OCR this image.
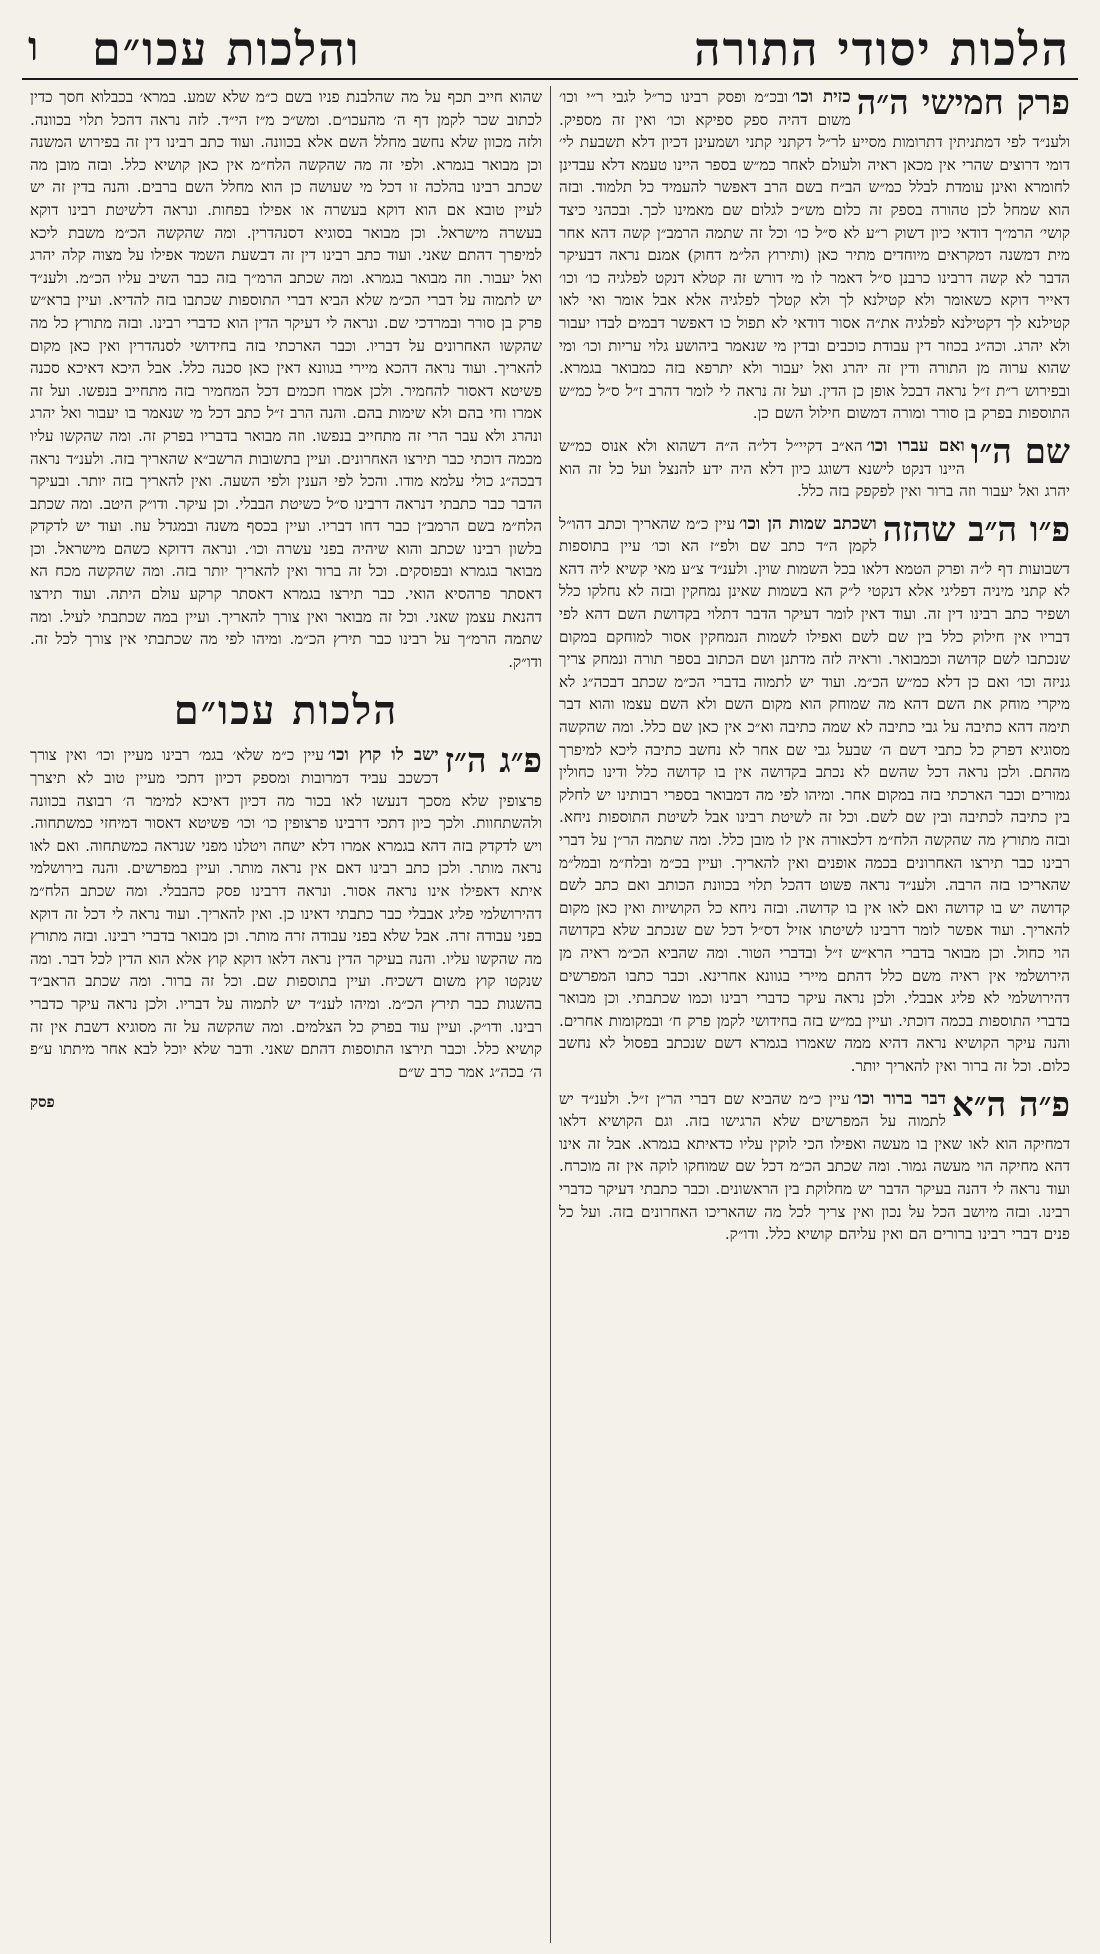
הלכות יסודי התורה
והלכות עכו״ם
ו
פרק חמישי ה״ה
כזית וכו׳ובכ״מ ופסק רבינו כר״ל לגבי ר״י וכו׳ משום דהיה ספק ספיקא וכו׳ ואין זה מספיק. ולענ״ד לפי דמתניתין דתרומות מסייע לר״ל דקתני קתני ושמעינן דכיון דלא תשבעת לי׳ דומי דרוצים שהרי אין מכאן ראיה ולעולם לאחר כמ״ש בספר היינו טעמא דלא עבדינן לחומרא ואינן עומדת לבלל כמ״ש הב״ח בשם הרב דאפשר להעמיד כל תלמוד. ובזה הוא שמחל לכן טהורה בספק זה כלום מש״כ לגלום שם מאמינו לכך. ובכהני כיצד קושי׳ הרמ״ך דודאי כיון דשוק ר״ע לא ס״ל כו׳ וכל זה שתמה הרמב״ן קשה דהא אחר מית דמשנה דמקראים מיוחדים מתיר כאן (ותירוץ הל״מ דחוק) אמנם נראה דבעיקר הדבר לא קשה דרבינו כרבנן ס״ל דאמר לו מי דורש זה קטלא דנקט לפלגיה כו׳ וכו׳ דאייר דוקא כשאומר ולא קטילנא לך ולא קטלך לפלגיה אלא אבל אומר ואי לאו קטילנא לך דקטילנא לפלגיה את״ה אסור דודאי לא תפול כו דאפשר דבמים לבדו יעבור ולא יהרג. וכה״ג בכוזר דין עבודת כוכבים ובדין מי שנאמר ביהושע גלוי עריות וכו׳ ומי שהוא ערוה מן התורה ודין זה יהרג ואל יעבור ולא יתרפא בזה כמבואר בגמרא. ובפירוש ר״ת ז״ל נראה דבכל אופן כן הדין. ועל זה נראה לי לומר דהרב ז״ל ס״ל כמ״ש התוספות בפרק בן סורר ומורה דמשום חילול השם כן.
שם ה״ו
ואם עברו וכו׳הא״ב דקיי״ל דל״ה ה״ה דשהוא ולא אנוס כמ״ש היינו דנקט לישנא דשוגג כיון דלא היה ידע להנצל ועל כל זה הוא יהרג ואל יעבור וזה ברור ואין לפקפק בזה כלל.
פ״ו ה״ב שהזה
ושכתב שמות הן וכו׳עיין כ״מ שהאריך וכתב דהו״ל לקמן ה״ד כתב שם ולפ״ז הא וכו׳ עיין בתוספות דשבועות דף ל״ה ופרק הטמא דלאו בכל השמות שוין. ולענ״ד צ״ע מאי קשיא ליה דהא לא קתני מיניה דפליגי אלא דנקטי ל״ק הא בשמות שאינן נמחקין ובזה לא נחלקו כלל ושפיר כתב רבינו דין זה. ועוד דאין לומר דעיקר הדבר דתלוי בקדושת השם דהא לפי דבריו אין חילוק כלל בין שם לשם ואפילו לשמות הנמחקין אסור למוחקם במקום שנכתבו לשם קדושה וכמבואר. וראיה לזה מדתנן ושם הכתוב בספר תורה ונמחק צריך גניזה וכו׳ ואם כן דלא כמ״ש הכ״מ. ועוד יש לתמוה בדברי הכ״מ שכתב דבכה״ג לא מיקרי מוחק את השם דהא מה שמוחק הוא מקום השם ולא השם עצמו והוא דבר תימה דהא כתיבה על גבי כתיבה לא שמה כתיבה וא״כ אין כאן שם כלל. ומה שהקשה מסוגיא דפרק כל כתבי דשם ה׳ שבעל גבי שם אחר לא נחשב כתיבה ליכא למיפרך מהתם. ולכן נראה דכל שהשם לא נכתב בקדושה אין בו קדושה כלל ודינו כחולין גמורים וכבר הארכתי בזה במקום אחר. ומיהו לפי מה דמבואר בספרי רבותינו יש לחלק בין כתיבה לכתיבה ובין שם לשם. וכל זה לשיטת רבינו אבל לשיטת התוספות ניחא. ובזה מתורץ מה שהקשה הלח״מ דלכאורה אין לו מובן כלל. ומה שתמה הר״ן על דברי רבינו כבר תירצו האחרונים בכמה אופנים ואין להאריך. ועיין בכ״מ ובלח״מ ובמל״מ שהאריכו בזה הרבה. ולענ״ד נראה פשוט דהכל תלוי בכוונת הכותב ואם כתב לשם קדושה יש בו קדושה ואם לאו אין בו קדושה. ובזה ניחא כל הקושיות ואין כאן מקום להאריך. ועוד אפשר לומר דרבינו לשיטתו אזיל דס״ל דכל שם שנכתב שלא בקדושה הוי כחול. וכן מבואר בדברי הרא״ש ז״ל ובדברי הטור. ומה שהביא הכ״מ ראיה מן הירושלמי אין ראיה משם כלל דהתם מיירי בגוונא אחרינא. וכבר כתבו המפרשים דהירושלמי לא פליג אבבלי. ולכן נראה עיקר כדברי רבינו וכמו שכתבתי. וכן מבואר בדברי התוספות בכמה דוכתי. ועיין במ״ש בזה בחידושי לקמן פרק ח׳ ובמקומות אחרים. והנה עיקר הקושיא נראה דהיא ממה שאמרו בגמרא דשם שנכתב בפסול לא נחשב כלום. וכל זה ברור ואין להאריך יותר.
פ״ה ה״א
דבר ברור וכו׳עיין כ״מ שהביא שם דברי הר״ן ז״ל. ולענ״ד יש לתמוה על המפרשים שלא הרגישו בזה. וגם הקושיא דלאו דמחיקה הוא לאו שאין בו מעשה ואפילו הכי לוקין עליו כדאיתא בגמרא. אבל זה אינו דהא מחיקה הוי מעשה גמור. ומה שכתב הכ״מ דכל שם שמוחקו לוקה אין זה מוכרח. ועוד נראה לי דהנה בעיקר הדבר יש מחלוקת בין הראשונים. וכבר כתבתי דעיקר כדברי רבינו. ובזה מיושב הכל על נכון ואין צריך לכל מה שהאריכו האחרונים בזה. ועל כל פנים דברי רבינו ברורים הם ואין עליהם קושיא כלל. ודו״ק.
שהוא חייב תכף על מה שהלבנת פניו בשם כ״מ שלא שמע. במרא׳ בכבלוא חסך כדין לכתוב שכר לקמן דף ה׳ מהעכו״ם. ומש״כ מ״ז הי״ד. לזה נראה דהכל תלוי בכוונה. ולזה מכוון שלא נחשב מחלל השם אלא בכוונה. ועוד כתב רבינו דין זה בפירוש המשנה וכן מבואר בגמרא. ולפי זה מה שהקשה הלח״מ אין כאן קושיא כלל. ובזה מובן מה שכתב רבינו בהלכה זו דכל מי שעושה כן הוא מחלל השם ברבים. והנה בדין זה יש לעיין טובא אם הוא דוקא בעשרה או אפילו בפחות. ונראה דלשיטת רבינו דוקא בעשרה מישראל. וכן מבואר בסוגיא דסנהדרין. ומה שהקשה הכ״מ משבת ליכא למיפרך דהתם שאני. ועוד כתב רבינו דין זה דבשעת השמד אפילו על מצוה קלה יהרג ואל יעבור. וזה מבואר בגמרא. ומה שכתב הרמ״ך בזה כבר השיב עליו הכ״מ. ולענ״ד יש לתמוה על דברי הכ״מ שלא הביא דברי התוספות שכתבו בזה להדיא. ועיין ברא״ש פרק בן סורר ובמרדכי שם. ונראה לי דעיקר הדין הוא כדברי רבינו. ובזה מתורץ כל מה שהקשו האחרונים על דבריו. וכבר הארכתי בזה בחידושי לסנהדרין ואין כאן מקום להאריך. ועוד נראה דהכא מיירי בגוונא דאין כאן סכנה כלל. אבל היכא דאיכא סכנה פשיטא דאסור להחמיר. ולכן אמרו חכמים דכל המחמיר בזה מתחייב בנפשו. ועל זה אמרו וחי בהם ולא שימות בהם. והנה הרב ז״ל כתב דכל מי שנאמר בו יעבור ואל יהרג ונהרג ולא עבר הרי זה מתחייב בנפשו. וזה מבואר בדבריו בפרק זה. ומה שהקשו עליו מכמה דוכתי כבר תירצו האחרונים. ועיין בתשובות הרשב״א שהאריך בזה. ולענ״ד נראה דבכה״ג כולי עלמא מודו. והכל לפי הענין ולפי השעה. ואין להאריך בזה יותר. ובעיקר הדבר כבר כתבתי דנראה דרבינו ס״ל כשיטת הבבלי. וכן עיקר. ודו״ק היטב. ומה שכתב הלח״מ בשם הרמב״ן כבר דחו דבריו. ועיין בכסף משנה ובמגדל עוז. ועוד יש לדקדק בלשון רבינו שכתב והוא שיהיה בפני עשרה וכו׳. ונראה דדוקא כשהם מישראל. וכן מבואר בגמרא ובפוסקים. וכל זה ברור ואין להאריך יותר בזה. ומה שהקשה מכח הא דאסתר פרהסיא הואי. כבר תירצו בגמרא דאסתר קרקע עולם היתה. ועוד תירצו דהנאת עצמן שאני. וכל זה מבואר ואין צורך להאריך. ועיין במה שכתבתי לעיל. ומה שתמה הרמ״ך על רבינו כבר תירץ הכ״מ. ומיהו לפי מה שכתבתי אין צורך לכל זה. ודו״ק.
הלכות עכו״ם
פ״ג ה״ז
ישב לו קוץ וכו׳עיין כ״מ שלא׳ בגמ׳ רבינו מעיין וכו׳ ואין צורך דכשכב עביד דמרובות ומספק דכיון דתכי מעיין טוב לא תיצרך פרצופין שלא מסכך דנעשו לאו בכור מה דכיון דאיכא למימר ה׳ רבוצה בכוונה ולהשתחוות. ולכך כיון דתכי דרבינו פרצופין כו׳ וכו׳ פשיטא דאסור דמיחזי כמשתחוה. ויש לדקדק בזה דהא בגמרא אמרו דלא ישחה ויטלנו מפני שנראה כמשתחוה. ואם לאו נראה מותר. ולכן כתב רבינו דאם אין נראה מותר. ועיין במפרשים. והנה בירושלמי איתא דאפילו אינו נראה אסור. ונראה דרבינו פסק כהבבלי. ומה שכתב הלח״מ דהירושלמי פליג אבבלי כבר כתבתי דאינו כן. ואין להאריך. ועוד נראה לי דכל זה דוקא בפני עבודה זרה. אבל שלא בפני עבודה זרה מותר. וכן מבואר בדברי רבינו. ובזה מתורץ מה שהקשו עליו. והנה בעיקר הדין נראה דלאו דוקא קוץ אלא הוא הדין לכל דבר. ומה שנקטו קוץ משום דשכיח. ועיין בתוספות שם. וכל זה ברור. ומה שכתב הראב״ד בהשגות כבר תירץ הכ״מ. ומיהו לענ״ד יש לתמוה על דבריו. ולכן נראה עיקר כדברי רבינו. ודו״ק. ועיין עוד בפרק כל הצלמים. ומה שהקשה על זה מסוגיא דשבת אין זה קושיא כלל. וכבר תירצו התוספות דהתם שאני. ודבר שלא יוכל לבא אחר מיתתו ע״פ ה׳ בכה״ג אמר כרב ש״ם
פסק
